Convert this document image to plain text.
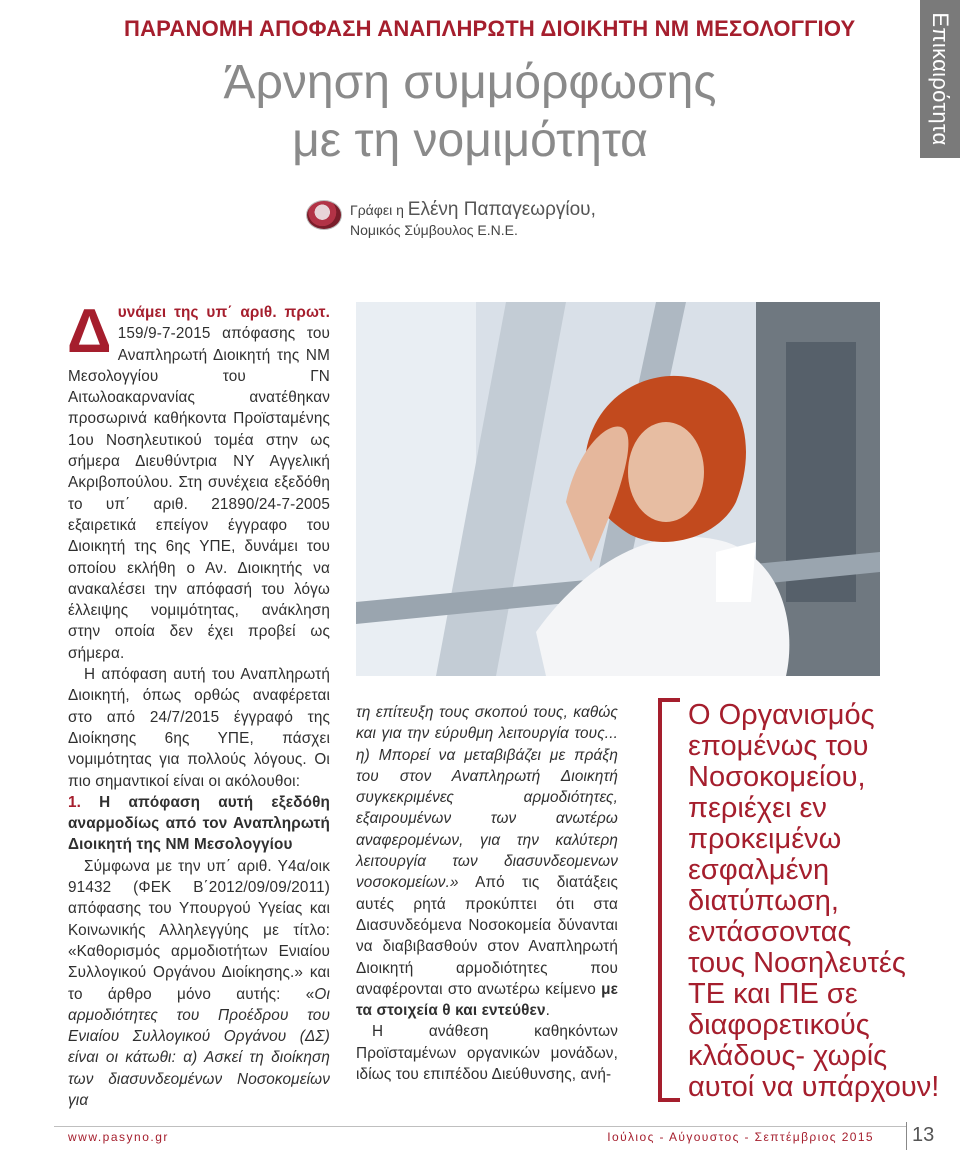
ΠΑΡΑΝΟΜΗ ΑΠΟΦΑΣΗ ΑΝΑΠΛΗΡΩΤΗ ΔΙΟΙΚΗΤΗ ΝΜ ΜΕΣΟΛΟΓΓΙΟΥ
Άρνηση συμμόρφωσης
με τη νομιμότητα	Επικαιρότητα
Γράφει η Ελένη Παπαγεωργίου,
Νομικός Σύμβουλος Ε.Ν.Ε.

Δυνάμει της υπ΄ αριθ. πρωτ. 159/9-7-2015 απόφασης του Αναπληρωτή Διοικητή της ΝΜ Μεσολογγίου του ΓΝ Αιτωλοακαρνανίας ανατέθηκαν προσωρινά καθήκοντα Προϊσταμένης 1ου Νοσηλευτικού τομέα στην ως σήμερα Διευθύντρια ΝΥ Αγγελική Ακριβοπούλου. Στη συνέχεια εξεδόθη το υπ΄ αριθ. 21890/24-7-2005 εξαιρετικά επείγον έγγραφο του Διοικητή της 6ης ΥΠΕ, δυνάμει του οποίου εκλήθη ο Αν. Διοικητής να ανακαλέσει την απόφασή του λόγω έλλειψης νομιμότητας, ανάκληση στην οποία δεν έχει προβεί ως σήμερα.

Η απόφαση αυτή του Αναπληρωτή Διοικητή, όπως ορθώς αναφέρεται στο από 24/7/2015 έγγραφό της Διοίκησης 6ης ΥΠΕ, πάσχει νομιμότητας για πολλούς λόγους. Οι πιο σημαντικοί είναι οι ακόλουθοι:

1. Η απόφαση αυτή εξεδόθη αναρμοδίως από τον Αναπληρωτή Διοικητή της ΝΜ Μεσολογγίου

Σύμφωνα με την υπ΄ αριθ. Υ4α/οικ 91432 (ΦΕΚ Β΄2012/09/09/2011) απόφασης του Υπουργού Υγείας και Κοινωνικής Αλληλεγγύης με τίτλο: «Καθορισμός αρμοδιοτήτων Ενιαίου Συλλογικού Οργάνου Διοίκησης.» και το άρθρο μόνο αυτής: «Οι αρμοδιότητες του Προέδρου του Ενιαίου Συλλογικού Οργάνου (ΔΣ) είναι οι κάτωθι: α) Ασκεί τη διοίκηση των διασυνδεομένων Νοσοκομείων για

τη επίτευξη τους σκοπού τους, καθώς και για την εύρυθμη λειτουργία τους... η) Μπορεί να μεταβιβάζει με πράξη του στον Αναπληρωτή Διοικητή συγκεκριμένες αρμοδιότητες, εξαιρουμένων των ανωτέρω αναφερομένων, για την καλύτερη λειτουργία των διασυνδεομενων νοσοκομείων.» Από τις διατάξεις αυτές ρητά προκύπτει ότι στα Διασυνδεόμενα Νοσοκομεία δύνανται να διαβιβασθούν στον Αναπληρωτή Διοικητή αρμοδιότητες που αναφέρονται στο ανωτέρω κείμενο με τα στοιχεία θ και εντεύθεν.

Η ανάθεση καθηκόντων Προϊσταμένων οργανικών μονάδων, ιδίως του επιπέδου Διεύθυνσης, ανή-

Ο Οργανισμός
επομένως του
Νοσοκομείου,
περιέχει εν
προκειμένω
εσφαλμένη
διατύπωση,
εντάσσοντας
τους Νοσηλευτές
ΤΕ και ΠΕ σε
διαφορετικούς
κλάδους- χωρίς
αυτοί να υπάρχουν!
www.pasyno.gr	Ιούλιος - Αύγουστος - Σεπτέμβριος 2015 13
